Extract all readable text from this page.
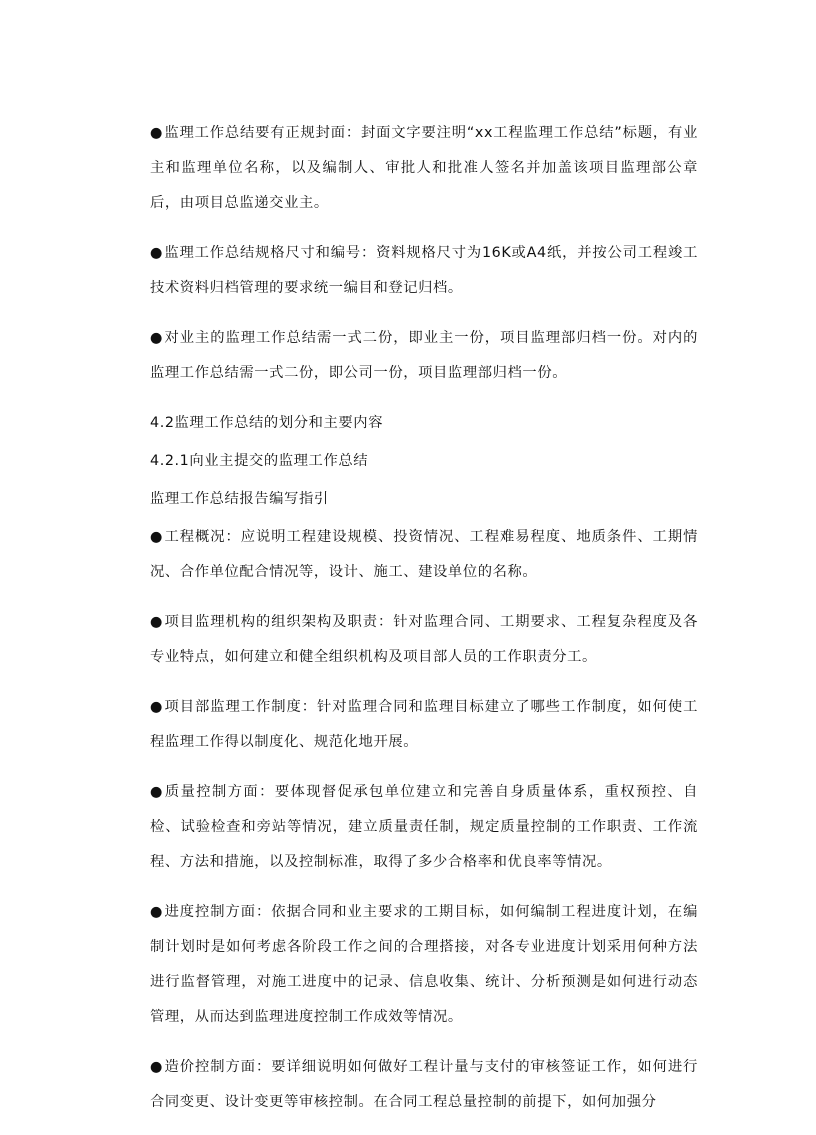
●监理工作总结要有正规封面：封面文字要注明“xx工程监理工作总结”标题，有业主和监理单位名称，以及编制人、审批人和批准人签名并加盖该项目监理部公章后，由项目总监递交业主。

●监理工作总结规格尺寸和编号：资料规格尺寸为16K或A4纸，并按公司工程竣工技术资料归档管理的要求统一编目和登记归档。

●对业主的监理工作总结需一式二份，即业主一份，项目监理部归档一份。对内的监理工作总结需一式二份，即公司一份，项目监理部归档一份。

4.2监理工作总结的划分和主要内容

4.2.1向业主提交的监理工作总结

监理工作总结报告编写指引

●工程概况：应说明工程建设规模、投资情况、工程难易程度、地质条件、工期情况、合作单位配合情况等，设计、施工、建设单位的名称。

●项目监理机构的组织架构及职责：针对监理合同、工期要求、工程复杂程度及各专业特点，如何建立和健全组织机构及项目部人员的工作职责分工。

●项目部监理工作制度：针对监理合同和监理目标建立了哪些工作制度，如何使工程监理工作得以制度化、规范化地开展。

●质量控制方面：要体现督促承包单位建立和完善自身质量体系，重权预控、自检、试验检查和旁站等情况，建立质量责任制，规定质量控制的工作职责、工作流程、方法和措施，以及控制标准，取得了多少合格率和优良率等情况。

●进度控制方面：依据合同和业主要求的工期目标，如何编制工程进度计划，在编制计划时是如何考虑各阶段工作之间的合理搭接，对各专业进度计划采用何种方法进行监督管理，对施工进度中的记录、信息收集、统计、分析预测是如何进行动态管理，从而达到监理进度控制工作成效等情况。

●造价控制方面：要详细说明如何做好工程计量与支付的审核签证工作，如何进行合同变更、设计变更等审核控制。在合同工程总量控制的前提下，如何加强分
